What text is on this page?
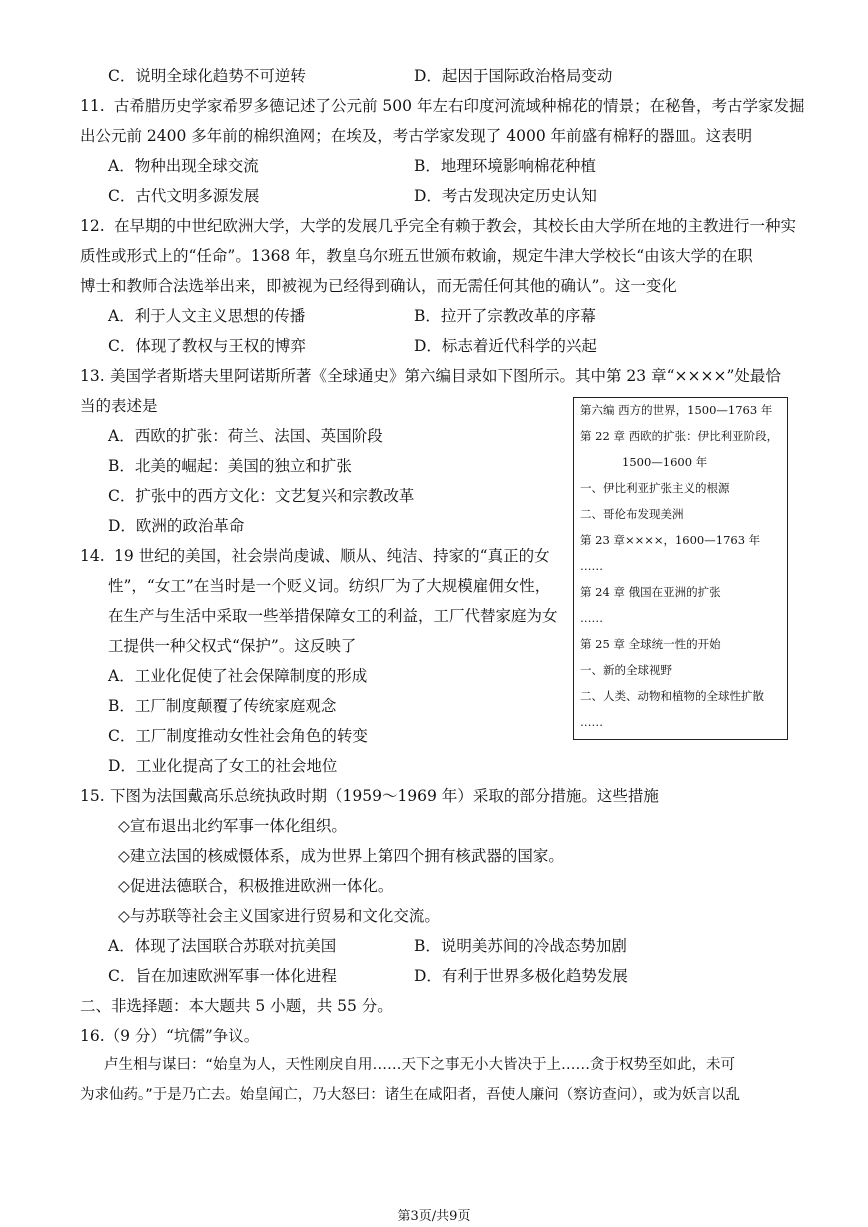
C．说明全球化趋势不可逆转	D．起因于国际政治格局变动
11. 古希腊历史学家希罗多德记述了公元前 500 年左右印度河流域种棉花的情景；在秘鲁，考古学家发掘
出公元前 2400 多年前的棉织渔网；在埃及，考古学家发现了 4000 年前盛有棉籽的器皿。这表明
A．物种出现全球交流	B．地理环境影响棉花种植
C．古代文明多源发展	D．考古发现决定历史认知
12. 在早期的中世纪欧洲大学，大学的发展几乎完全有赖于教会，其校长由大学所在地的主教进行一种实
质性或形式上的“任命”。1368 年，教皇乌尔班五世颁布敕谕，规定牛津大学校长“由该大学的在职
博士和教师合法选举出来，即被视为已经得到确认，而无需任何其他的确认”。这一变化
A．利于人文主义思想的传播	B．拉开了宗教改革的序幕
C．体现了教权与王权的博弈	D．标志着近代科学的兴起
13. 美国学者斯塔夫里阿诺斯所著《全球通史》第六编目录如下图所示。其中第 23 章“××××”处最恰
当的表述是
A．西欧的扩张：荷兰、法国、英国阶段
B．北美的崛起：美国的独立和扩张
C．扩张中的西方文化：文艺复兴和宗教改革
D．欧洲的政治革命
第六编 西方的世界，1500—1763 年
第 22 章 西欧的扩张：伊比利亚阶段，
1500—1600 年
一、伊比利亚扩张主义的根源
二、哥伦布发现美洲
第 23 章××××，1600—1763 年
……
第 24 章 俄国在亚洲的扩张
……
第 25 章 全球统一性的开始
一、新的全球视野
二、人类、动物和植物的全球性扩散
……
14. 19 世纪的美国，社会崇尚虔诚、顺从、纯洁、持家的“真正的女
性”，“女工”在当时是一个贬义词。纺织厂为了大规模雇佣女性，
在生产与生活中采取一些举措保障女工的利益，工厂代替家庭为女
工提供一种父权式“保护”。这反映了
A．工业化促使了社会保障制度的形成
B．工厂制度颠覆了传统家庭观念
C．工厂制度推动女性社会角色的转变
D．工业化提高了女工的社会地位
15. 下图为法国戴高乐总统执政时期（1959～1969 年）采取的部分措施。这些措施
◇宣布退出北约军事一体化组织。
◇建立法国的核威慑体系，成为世界上第四个拥有核武器的国家。
◇促进法德联合，积极推进欧洲一体化。
◇与苏联等社会主义国家进行贸易和文化交流。
A．体现了法国联合苏联对抗美国	B．说明美苏间的冷战态势加剧
C．旨在加速欧洲军事一体化进程	D．有利于世界多极化趋势发展
二、非选择题：本大题共 5 小题，共 55 分。
16.（9 分）“坑儒”争议。
卢生相与谋曰：“始皇为人，天性刚戾自用……天下之事无小大皆决于上……贪于权势至如此，未可
为求仙药。”于是乃亡去。始皇闻亡，乃大怒曰：诸生在咸阳者，吾使人廉问（察访查问），或为妖言以乱
第3页/共9页
